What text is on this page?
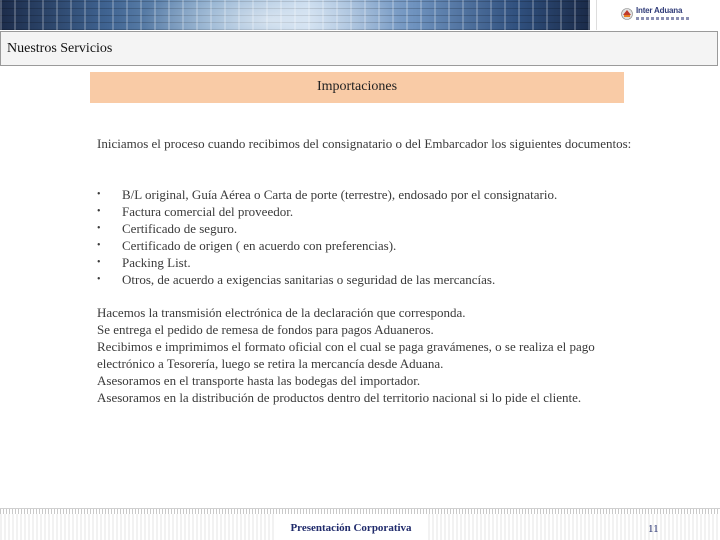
Inter Aduana
Nuestros Servicios
Importaciones
Iniciamos el proceso cuando recibimos del consignatario o del Embarcador los siguientes documentos:
• B/L original, Guía Aérea o Carta de porte (terrestre), endosado por el consignatario.
• Factura comercial del proveedor.
• Certificado de seguro.
• Certificado de origen ( en acuerdo con preferencias).
• Packing List.
• Otros, de acuerdo a exigencias sanitarias o seguridad de las mercancías.

Hacemos la transmisión electrónica de la declaración que corresponda.

Se entrega el pedido de remesa de fondos para pagos Aduaneros.

Recibimos e imprimimos el formato oficial con el cual se paga gravámenes, o se realiza el pago electrónico a Tesorería, luego se retira la mercancía desde Aduana.

Asesoramos en el transporte hasta las bodegas del importador.

Asesoramos en la distribución de productos dentro del territorio nacional si lo pide el cliente.

Presentación Corporativa	11
